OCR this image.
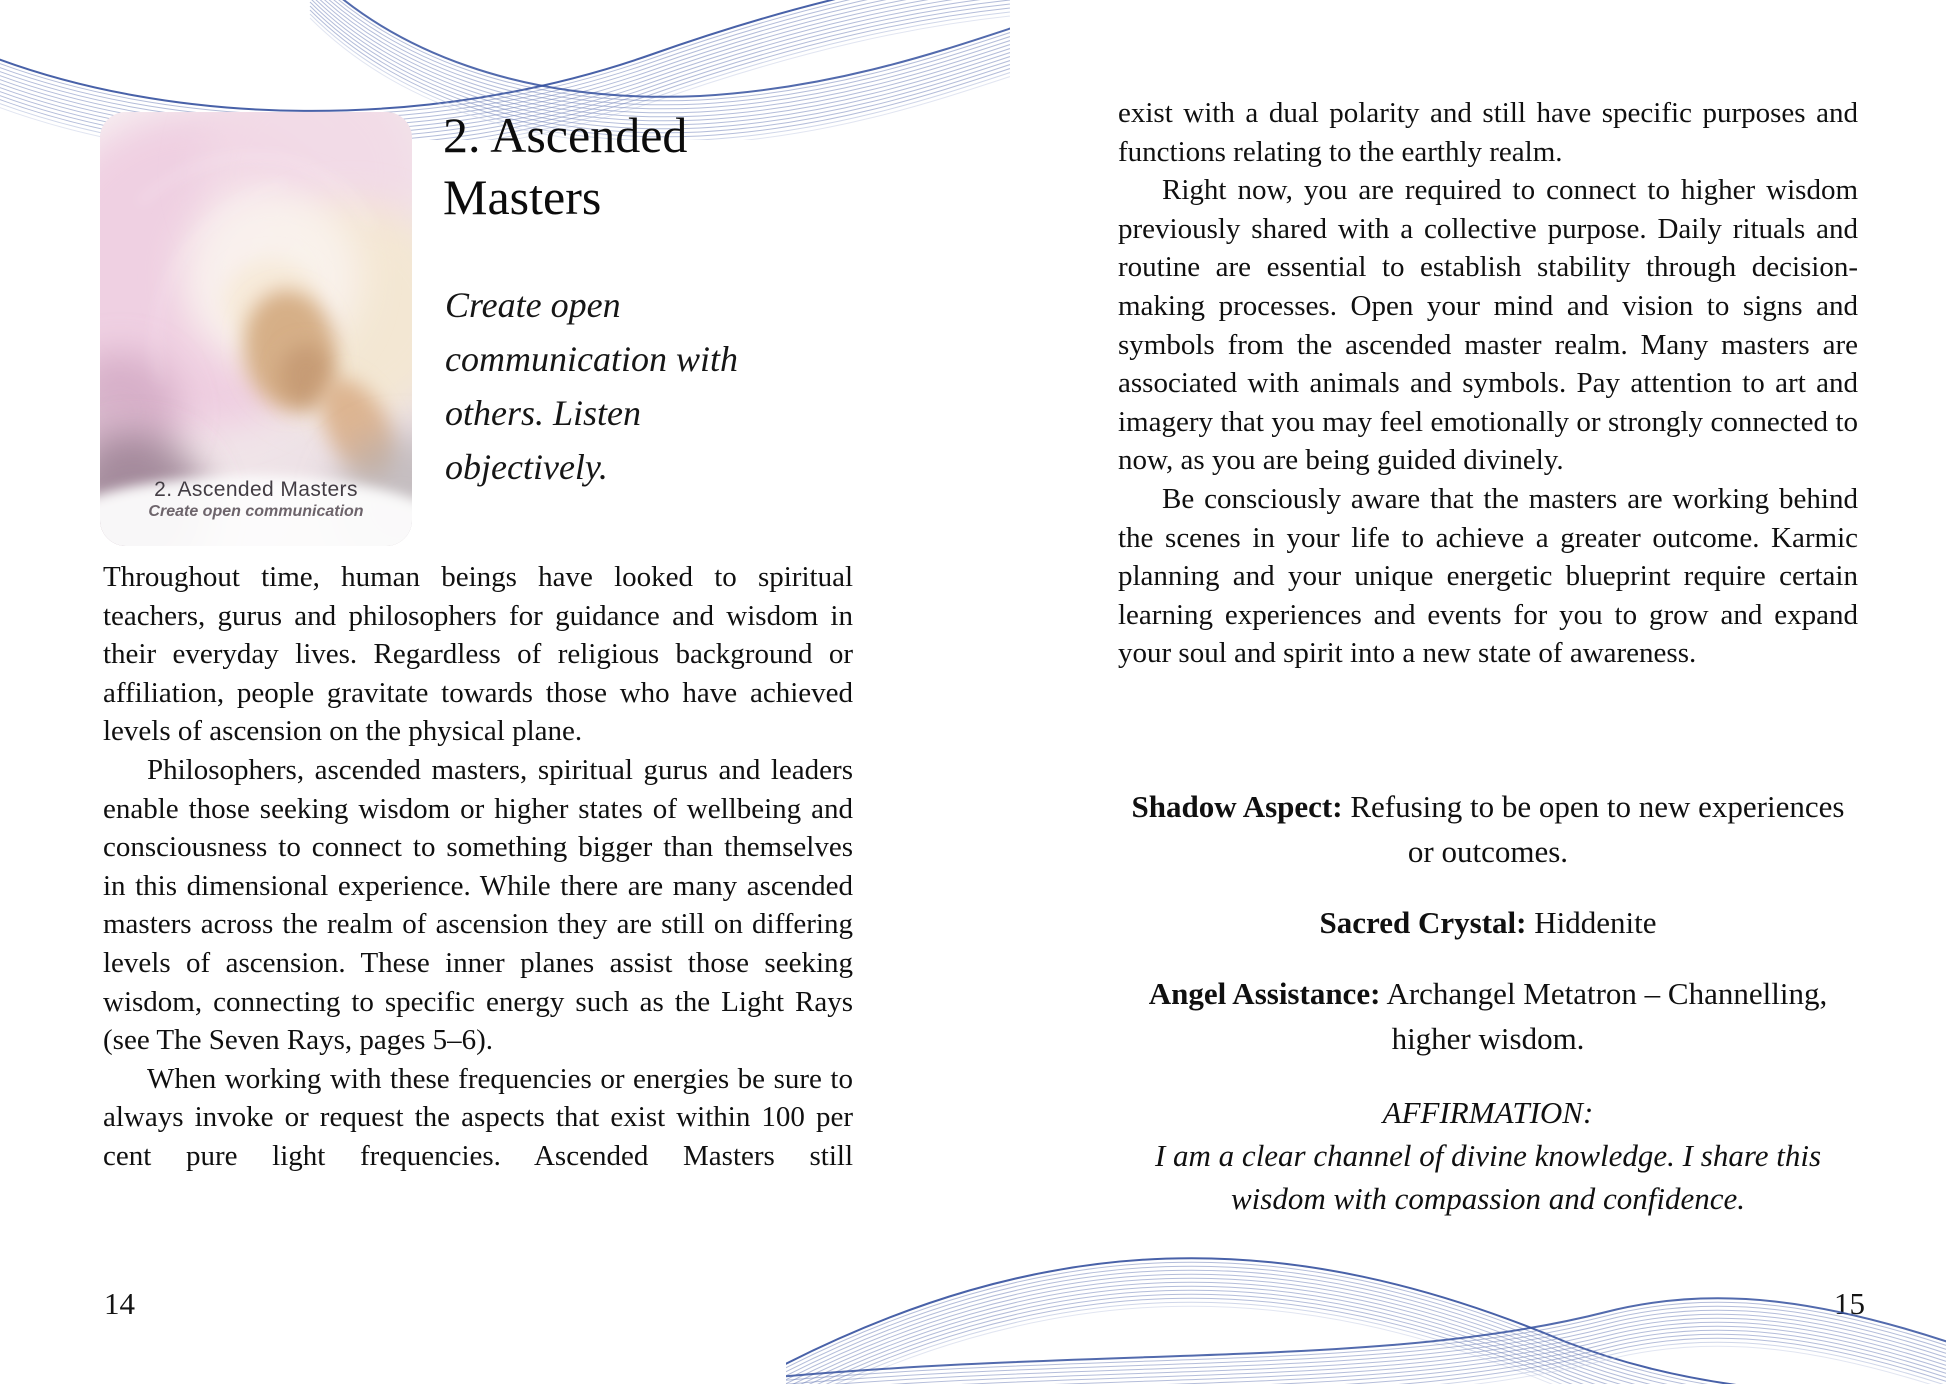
2. Ascended Masters
Create open communication
2. Ascended Masters
Create open communication with others. Listen objectively.

Throughout time, human beings have looked to spiritual teachers, gurus and philosophers for guidance and wisdom in their everyday lives. Regardless of religious background or affiliation, people gravitate towards those who have achieved levels of ascension on the physical plane.

Philosophers, ascended masters, spiritual gurus and leaders enable those seeking wisdom or higher states of wellbeing and consciousness to connect to something bigger than themselves in this dimensional experience. While there are many ascended masters across the realm of ascension they are still on differing levels of ascension. These inner planes assist those seeking wisdom, connecting to specific energy such as the Light Rays (see The Seven Rays, pages 5–6).

When working with these frequencies or energies be sure to always invoke or request the aspects that exist within 100 per cent pure light frequencies. Ascended Masters still

14

exist with a dual polarity and still have specific purposes and functions relating to the earthly realm.

Right now, you are required to connect to higher wisdom previously shared with a collective purpose. Daily rituals and routine are essential to establish stability through decision-making processes. Open your mind and vision to signs and symbols from the ascended master realm. Many masters are associated with animals and symbols. Pay attention to art and imagery that you may feel emotionally or strongly connected to now, as you are being guided divinely.

Be consciously aware that the masters are working behind the scenes in your life to achieve a greater outcome. Karmic planning and your unique energetic blueprint require certain learning experiences and events for you to grow and expand your soul and spirit into a new state of awareness.

Shadow Aspect: Refusing to be open to new experiences or outcomes.

Sacred Crystal: Hiddenite

Angel Assistance: Archangel Metatron – Channelling, higher wisdom.

AFFIRMATION:
I am a clear channel of divine knowledge. I share this wisdom with compassion and confidence.
15
